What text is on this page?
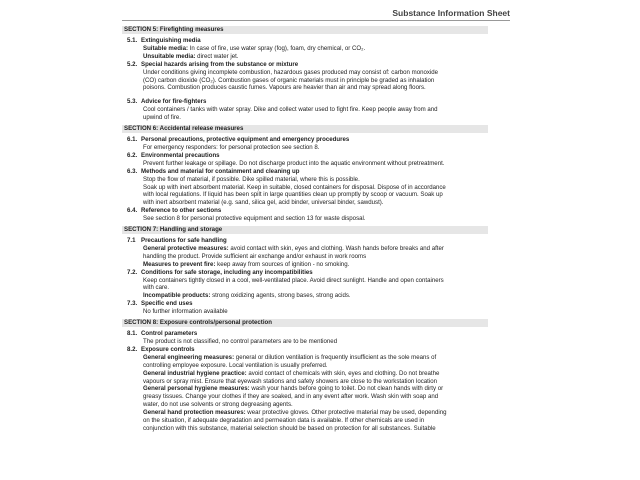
Substance Information Sheet
SECTION 5: Firefighting measures
5.1. Extinguishing media
Suitable media: In case of fire, use water spray (fog), foam, dry chemical, or CO₂.
Unsuitable media: direct water jet.
5.2. Special hazards arising from the substance or mixture
Under conditions giving incomplete combustion, hazardous gases produced may consist of: carbon monoxide
(CO) carbon dioxide (CO₂). Combustion gases of organic materials must in principle be graded as inhalation
poisons. Combustion produces caustic fumes. Vapours are heavier than air and may spread along floors.
5.3. Advice for fire-fighters
Cool containers / tanks with water spray. Dike and collect water used to fight fire. Keep people away from and
upwind of fire.
SECTION 6: Accidental release measures
6.1. Personal precautions, protective equipment and emergency procedures
For emergency responders: for personal protection see section 8.
6.2. Environmental precautions
Prevent further leakage or spillage. Do not discharge product into the aquatic environment without pretreatment.
6.3. Methods and material for containment and cleaning up
Stop the flow of material, if possible. Dike spilled material, where this is possible.
Soak up with inert absorbent material. Keep in suitable, closed containers for disposal. Dispose of in accordance
with local regulations. If liquid has been spilt in large quantities clean up promptly by scoop or vacuum. Soak up
with inert absorbent material (e.g. sand, silica gel, acid binder, universal binder, sawdust).
6.4. Reference to other sections
See section 8 for personal protective equipment and section 13 for waste disposal.
SECTION 7: Handling and storage
7.1 Precautions for safe handling
General protective measures: avoid contact with skin, eyes and clothing. Wash hands before breaks and after
handling the product. Provide sufficient air exchange and/or exhaust in work rooms
Measures to prevent fire: keep away from sources of ignition - no smoking.
7.2. Conditions for safe storage, including any incompatibilities
Keep containers tightly closed in a cool, well-ventilated place. Avoid direct sunlight. Handle and open containers
with care.
Incompatible products: strong oxidizing agents, strong bases, strong acids.
7.3. Specific end uses
No further information available
SECTION 8: Exposure controls/personal protection
8.1. Control parameters
The product is not classified, no control parameters are to be mentioned
8.2. Exposure controls
General engineering measures: general or dilution ventilation is frequently insufficient as the sole means of
controlling employee exposure. Local ventilation is usually preferred.
General industrial hygiene practice: avoid contact of chemicals with skin, eyes and clothing. Do not breathe
vapours or spray mist. Ensure that eyewash stations and safety showers are close to the workstation location
General personal hygiene measures: wash your hands before going to toilet. Do not clean hands with dirty or
greasy tissues. Change your clothes if they are soaked, and in any event after work. Wash skin with soap and
water, do not use solvents or strong degreasing agents.
General hand protection measures: wear protective gloves. Other protective material may be used, depending
on the situation, if adequate degradation and permeation data is available. If other chemicals are used in
conjunction with this substance, material selection should be based on protection for all substances. Suitable
